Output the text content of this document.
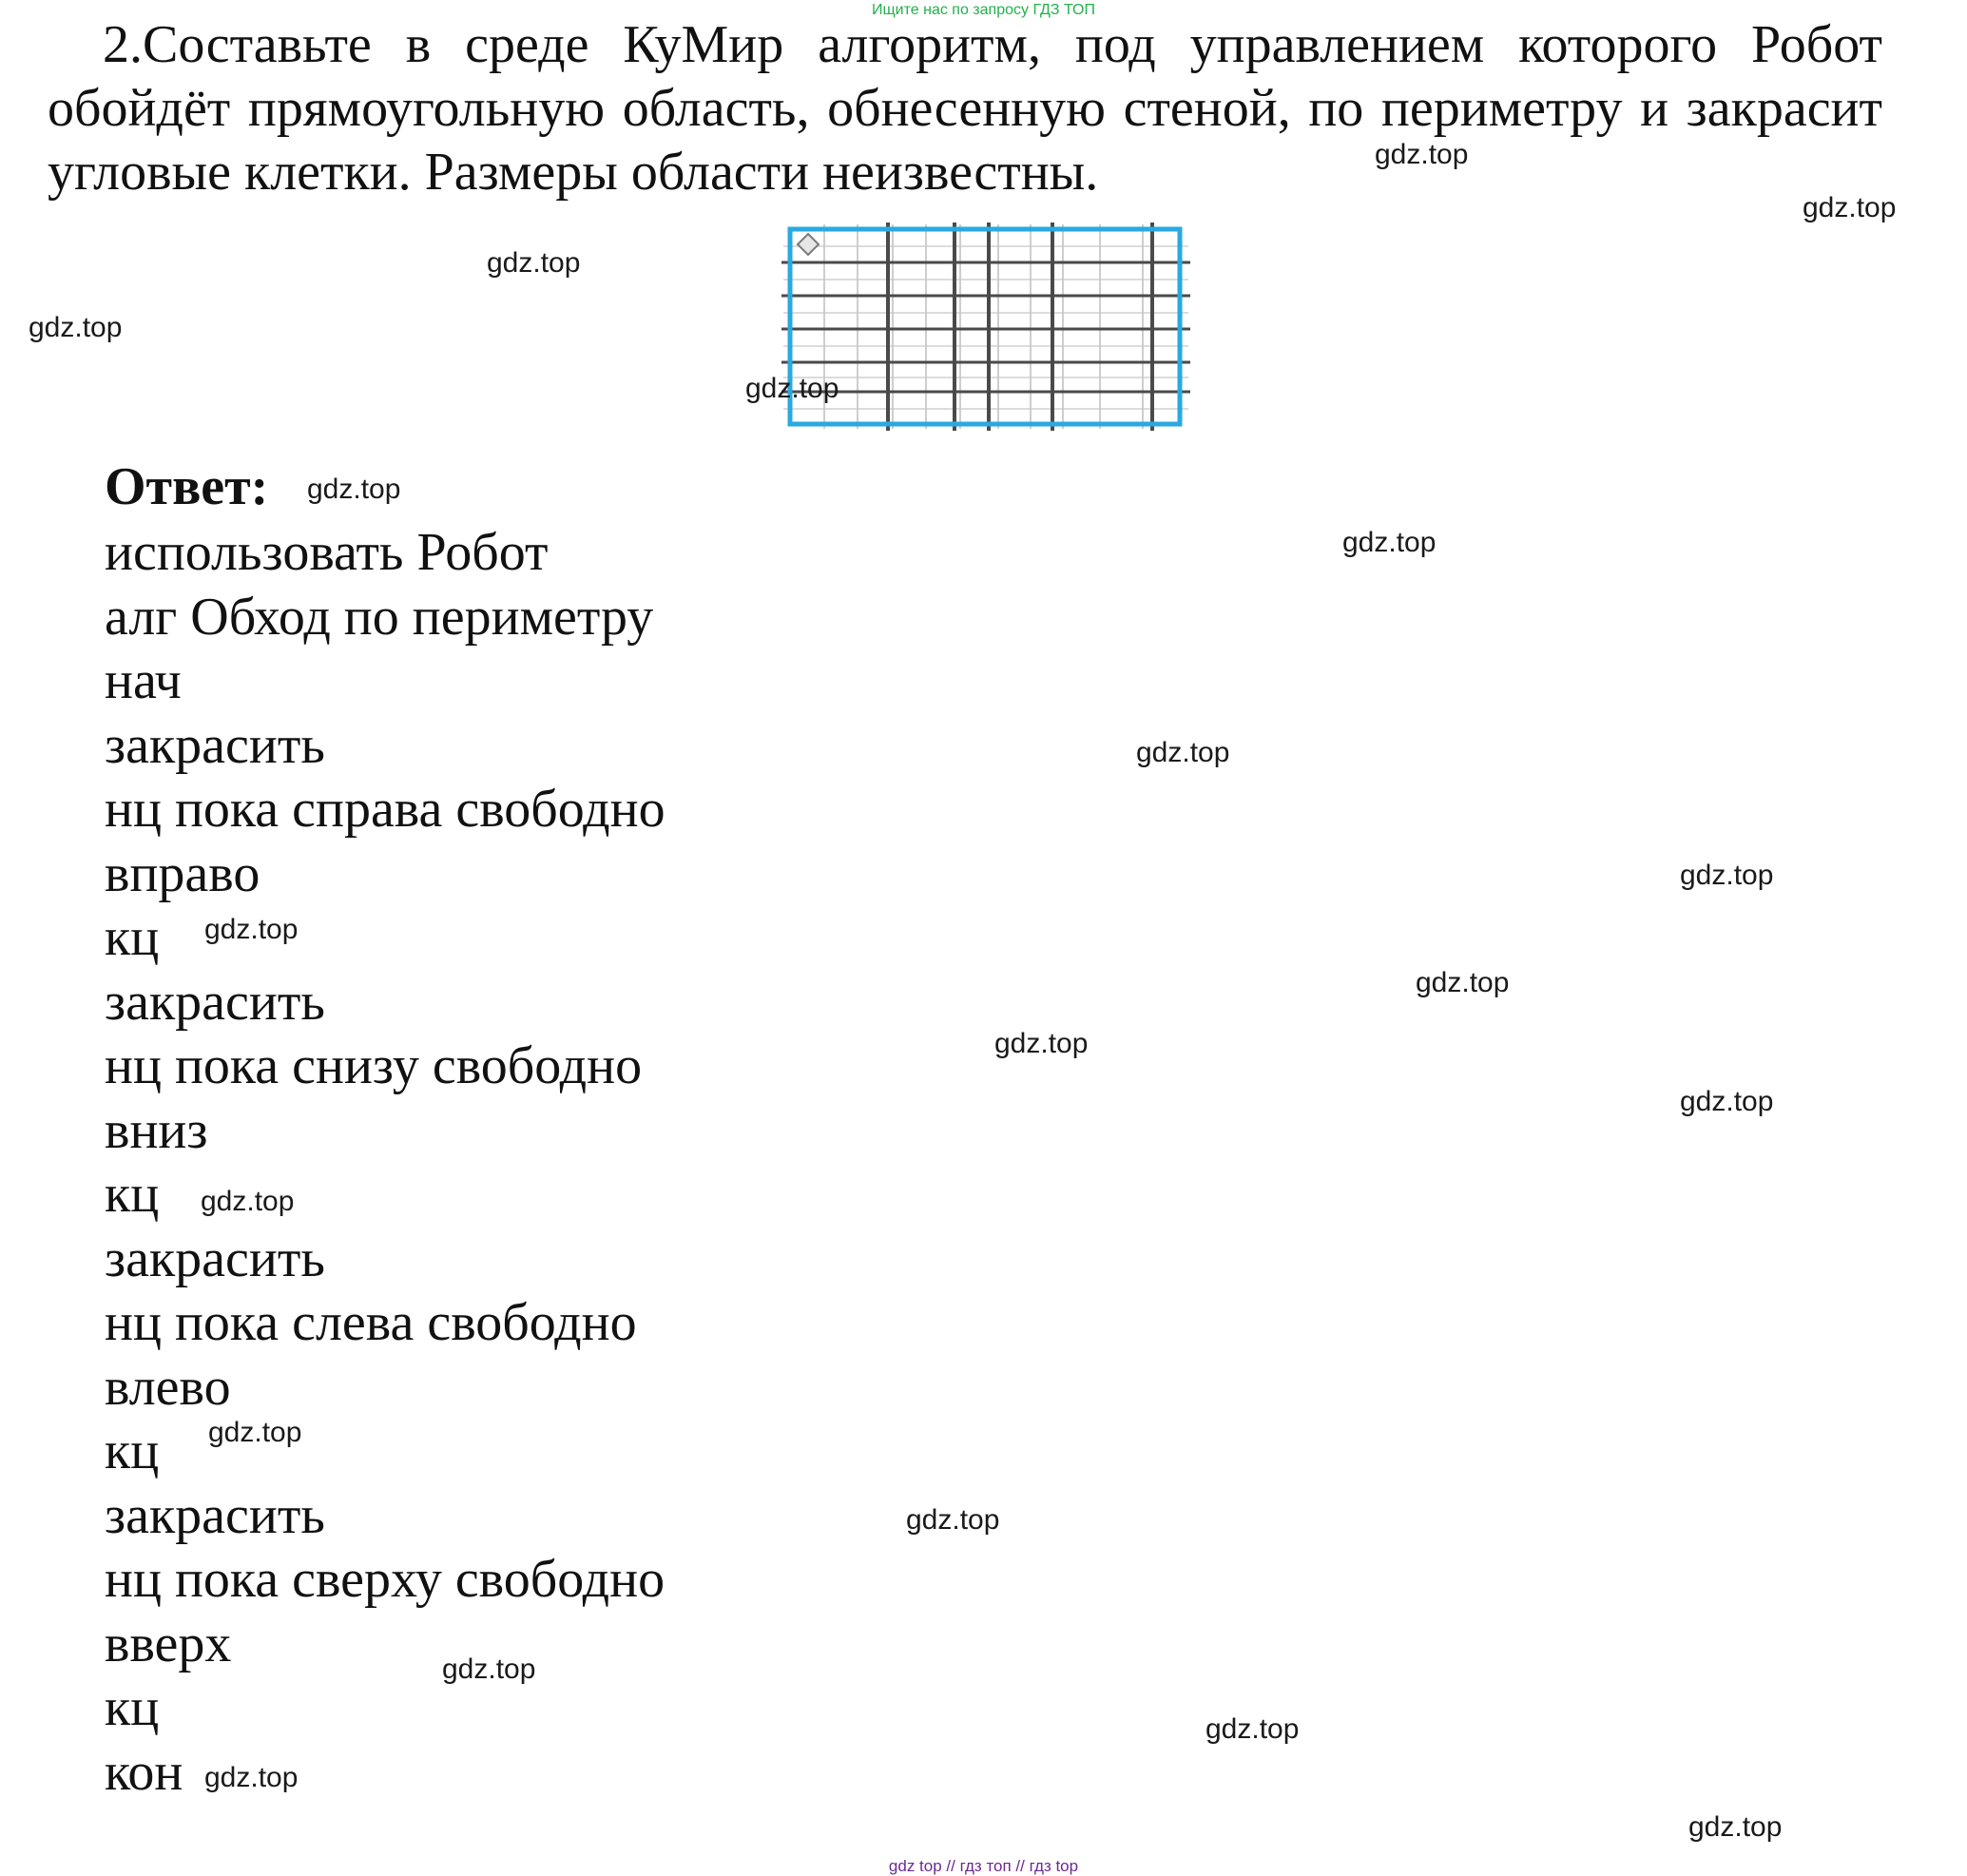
Ищите нас по запросу ГДЗ ТОП
2.Составьте в среде КуМир алгоритм, под управлением которого Робот обойдёт прямоугольную область, обнесенную стеной, по периметру и закрасит угловые клетки. Размеры области неизвестны.
Ответ:
использовать Робот
алг Обход по периметру
нач
закрасить
нц пока справа свободно
вправо
кц
закрасить
нц пока снизу свободно
вниз
кц
закрасить
нц пока слева свободно
влево
кц
закрасить
нц пока сверху свободно
вверх
кц
кон
gdz.top
gdz.top
gdz.top
gdz.top
gdz.top
gdz.top
gdz.top
gdz.top
gdz.top
gdz.top
gdz.top
gdz.top
gdz.top
gdz.top
gdz.top
gdz.top
gdz.top
gdz.top
gdz.top
gdz.top
gdz top // гдз топ // гдз top
